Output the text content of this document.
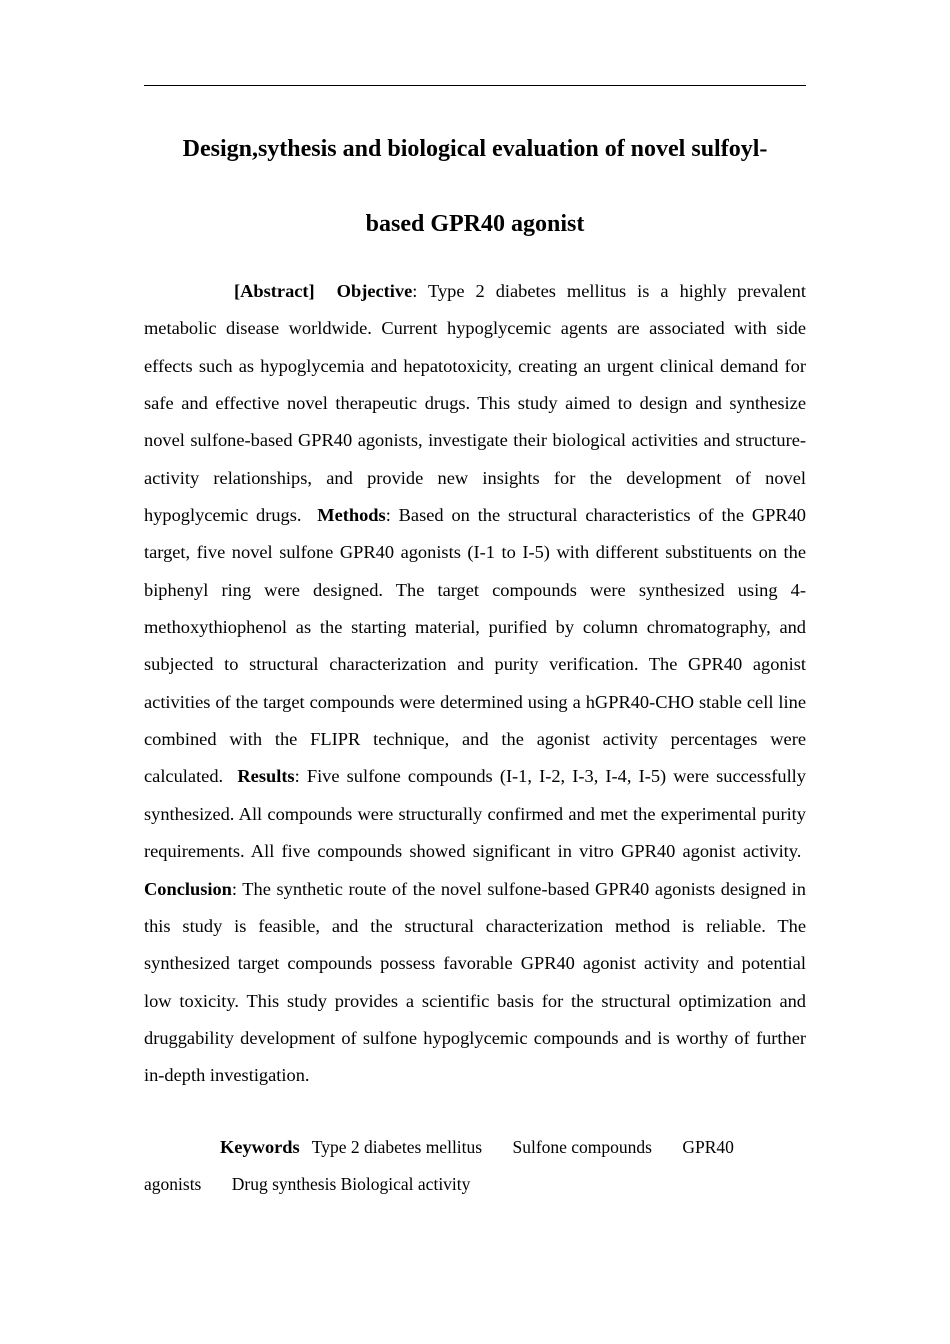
Design,sythesis and biological evaluation of novel sulfoyl-
based GPR40 agonist

[Abstract] Objective: Type 2 diabetes mellitus is a highly prevalent metabolic disease worldwide. Current hypoglycemic agents are associated with side effects such as hypoglycemia and hepatotoxicity, creating an urgent clinical demand for safe and effective novel therapeutic drugs. This study aimed to design and synthesize novel sulfone-based GPR40 agonists, investigate their biological activities and structure-activity relationships, and provide new insights for the development of novel hypoglycemic drugs. Methods: Based on the structural characteristics of the GPR40 target, five novel sulfone GPR40 agonists (I-1 to I-5) with different substituents on the biphenyl ring were designed. The target compounds were synthesized using 4-methoxythiophenol as the starting material, purified by column chromatography, and subjected to structural characterization and purity verification. The GPR40 agonist activities of the target compounds were determined using a hGPR40-CHO stable cell line combined with the FLIPR technique, and the agonist activity percentages were calculated. Results: Five sulfone compounds (I-1, I-2, I-3, I-4, I-5) were successfully synthesized. All compounds were structurally confirmed and met the experimental purity requirements. All five compounds showed significant in vitro GPR40 agonist activity.  Conclusion: The synthetic route of the novel sulfone-based GPR40 agonists designed in this study is feasible, and the structural characterization method is reliable. The synthesized target compounds possess favorable GPR40 agonist activity and potential low toxicity. This study provides a scientific basis for the structural optimization and druggability development of sulfone hypoglycemic compounds and is worthy of further in-depth investigation.

Keywords Type 2 diabetes mellitus Sulfone compounds GPR40 agonists Drug synthesis Biological activity
